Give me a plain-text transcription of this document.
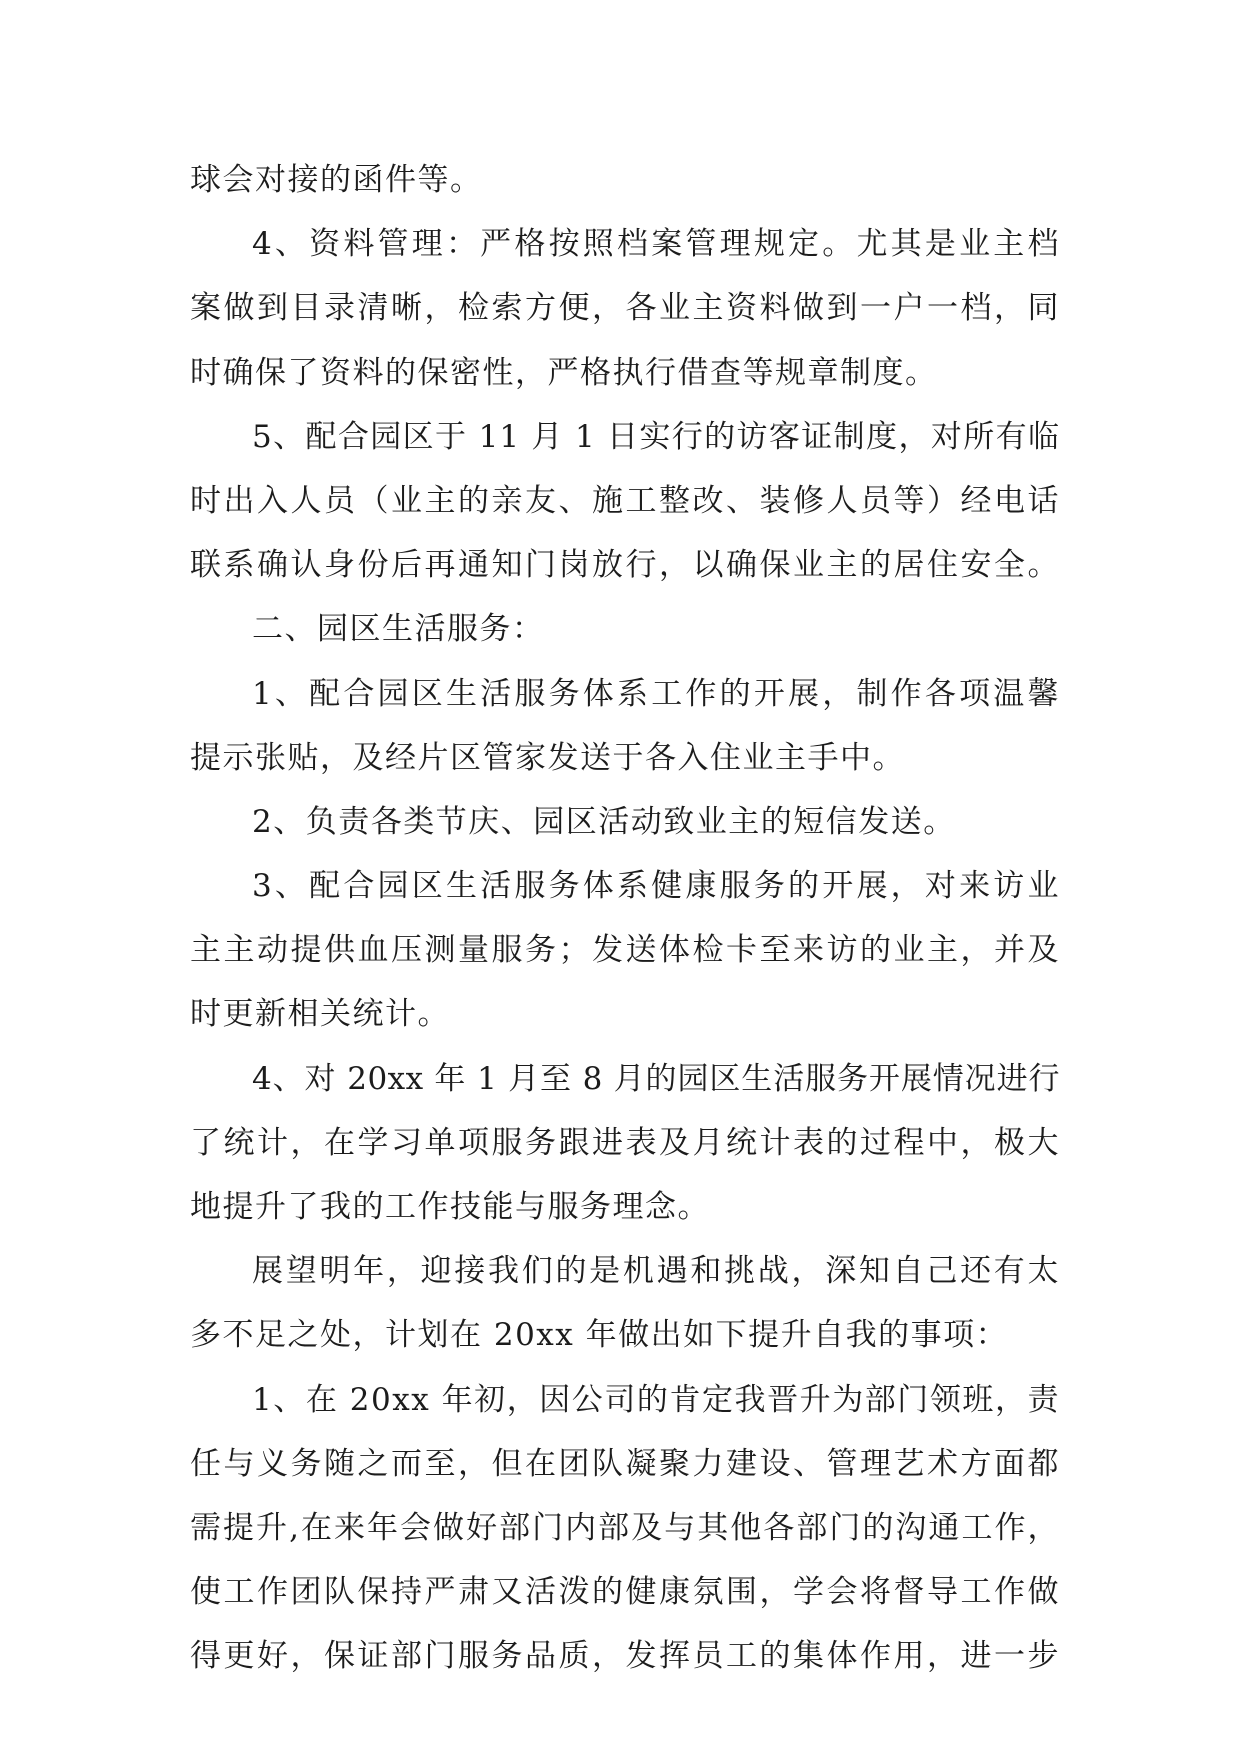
球会对接的函件等。
4、资料管理：严格按照档案管理规定。尤其是业主档
案做到目录清晰，检索方便，各业主资料做到一户一档，同
时确保了资料的保密性，严格执行借查等规章制度。
5、配合园区于 11 月 1 日实行的访客证制度，对所有临
时出入人员（业主的亲友、施工整改、装修人员等）经电话
联系确认身份后再通知门岗放行，以确保业主的居住安全。
二、园区生活服务：
1、配合园区生活服务体系工作的开展，制作各项温馨
提示张贴，及经片区管家发送于各入住业主手中。
2、负责各类节庆、园区活动致业主的短信发送。
3、配合园区生活服务体系健康服务的开展，对来访业
主主动提供血压测量服务；发送体检卡至来访的业主，并及
时更新相关统计。
4、对 20xx 年 1 月至 8 月的园区生活服务开展情况进行
了统计，在学习单项服务跟进表及月统计表的过程中，极大
地提升了我的工作技能与服务理念。
展望明年，迎接我们的是机遇和挑战，深知自己还有太
多不足之处，计划在 20xx 年做出如下提升自我的事项：
1、在 20xx 年初，因公司的肯定我晋升为部门领班，责
任与义务随之而至，但在团队凝聚力建设、管理艺术方面都
需提升,在来年会做好部门内部及与其他各部门的沟通工作，
使工作团队保持严肃又活泼的健康氛围，学会将督导工作做
得更好，保证部门服务品质，发挥员工的集体作用，进一步
